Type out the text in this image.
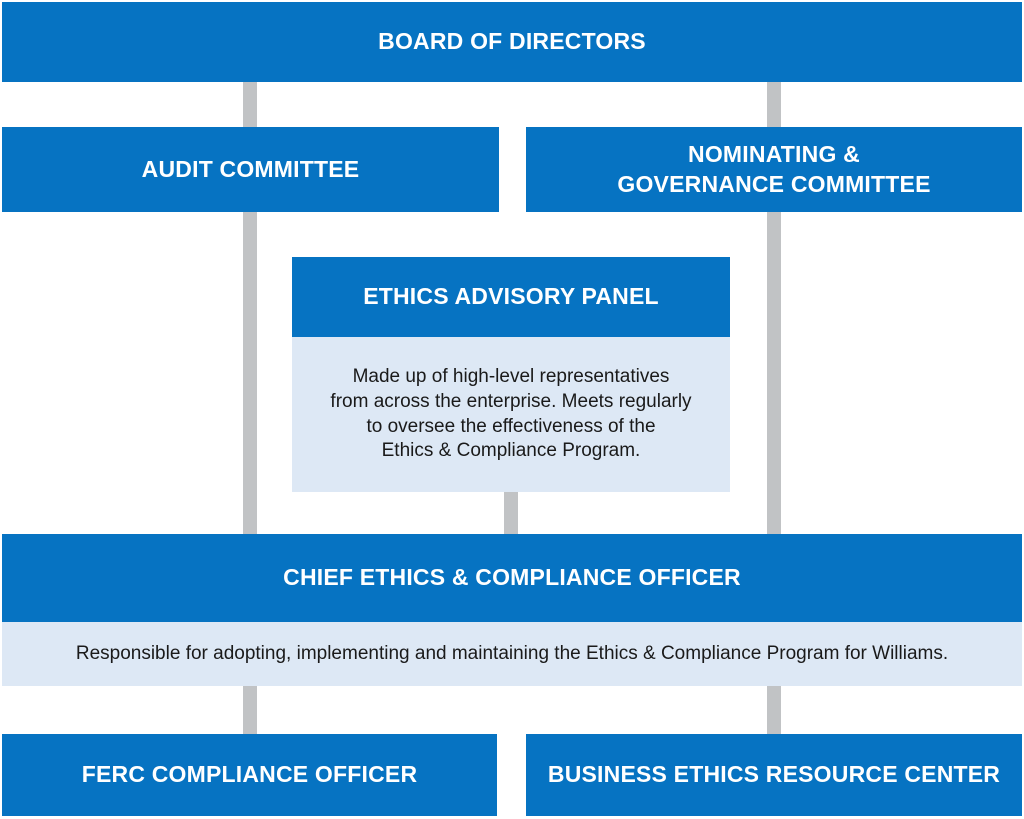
BOARD OF DIRECTORS
AUDIT COMMITTEE
NOMINATING &
GOVERNANCE COMMITTEE
ETHICS ADVISORY PANEL
Made up of high-level representatives
from across the enterprise. Meets regularly
to oversee the effectiveness of the
Ethics & Compliance Program.
CHIEF ETHICS & COMPLIANCE OFFICER
Responsible for adopting, implementing and maintaining the Ethics & Compliance Program for Williams.
FERC COMPLIANCE OFFICER	BUSINESS ETHICS RESOURCE CENTER
